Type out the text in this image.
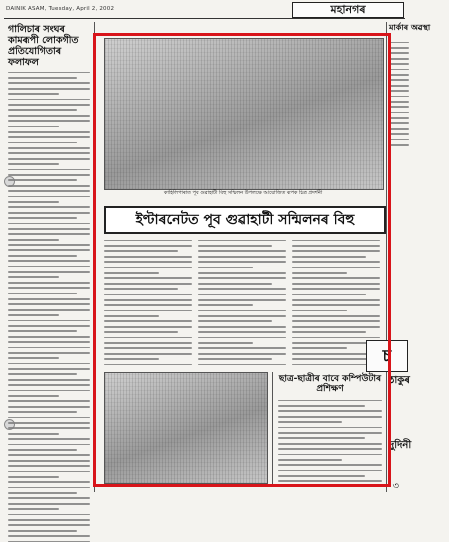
DAINIK ASAM, Tuesday, April 2, 2002	মহানগৰ
গালিচাৰ সংঘৰ কামৰূপী লোকগীত প্ৰতিযোগিতাৰ ফলাফল
কাহিলিপাৰাত পূব গুৱাহাটী বিহু সন্মিলন উপলক্ষে আয়োজিত ৰূপক চিত্ৰ প্ৰদৰ্শনী
ইণ্টাৰনেটত পূব গুৱাহাটী সন্মিলনৰ বিহু
ছাত্ৰ-ছাত্ৰীৰ বাবে কম্পিউটাৰ প্ৰশিক্ষণ
মাৰ্কাৰ অৱস্থা
চ
ঠাকুৰ
দুদিনী
৩
